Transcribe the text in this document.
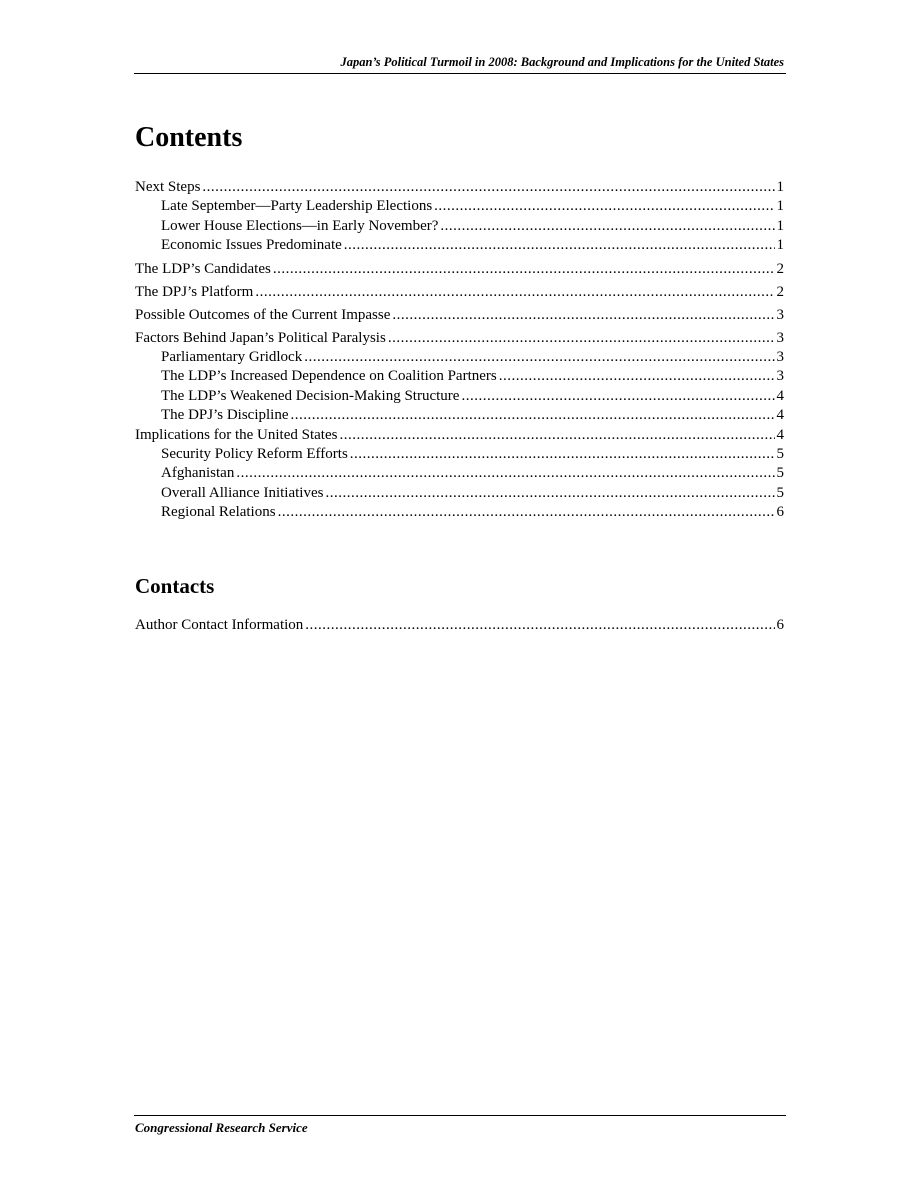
Japan’s Political Turmoil in 2008: Background and Implications for the United States
Contents
Next Steps .....	1
Late September—Party Leadership Elections .....	1
Lower House Elections—in Early November? .....	1
Economic Issues Predominate .....	1
The LDP’s Candidates .....	2
The DPJ’s Platform .....	2
Possible Outcomes of the Current Impasse .....	3
Factors Behind Japan’s Political Paralysis .....	3
Parliamentary Gridlock .....	3
The LDP’s Increased Dependence on Coalition Partners .....	3
The LDP’s Weakened Decision-Making Structure .....	4
The DPJ’s Discipline .....	4
Implications for the United States .....	4
Security Policy Reform Efforts .....	5
Afghanistan .....	5
Overall Alliance Initiatives .....	5
Regional Relations .....	6
Contacts
Author Contact Information .....	6
Congressional Research Service
